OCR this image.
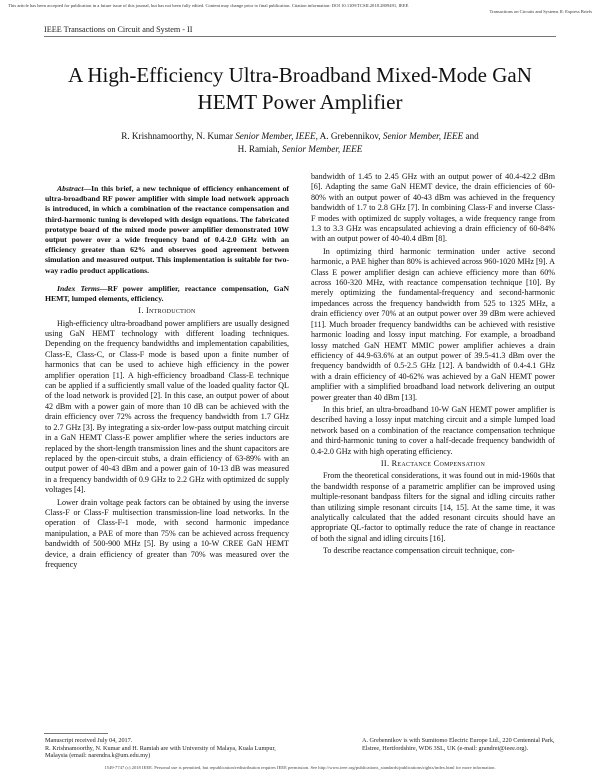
This article has been accepted for publication in a future issue of this journal, but has not been fully edited. Content may change prior to final publication. Citation information: DOI 10.1109/TCSII.2018.2809491, IEEE
Transactions on Circuits and Systems II: Express Briefs
IEEE Transactions on Circuit and System - II
A High-Efficiency Ultra-Broadband Mixed-Mode GaN HEMT Power Amplifier
R. Krishnamoorthy, N. Kumar Senior Member, IEEE, A. Grebennikov, Senior Member, IEEE and
H. Ramiah, Senior Member, IEEE

Abstract—In this brief, a new technique of efficiency enhancement of ultra-broadband RF power amplifier with simple load network approach is introduced, in which a combination of the reactance compensation and third-harmonic tuning is developed with design equations. The fabricated prototype board of the mixed mode power amplifier demonstrated 10W output power over a wide frequency band of 0.4-2.0 GHz with an efficiency greater than 62% and observes good agreement between simulation and measured output. This implementation is suitable for two-way radio product applications.

Index Terms—RF power amplifier, reactance compensation, GaN HEMT, lumped elements, efficiency.

I. Introduction

High-efficiency ultra-broadband power amplifiers are usually designed using GaN HEMT technology with different loading techniques. Depending on the frequency bandwidths and implementation capabilities, Class-E, Class-C, or Class-F mode is based upon a finite number of harmonics that can be used to achieve high efficiency in the power amplifier operation [1]. A high-efficiency broadband Class-E technique can be applied if a sufficiently small value of the loaded quality factor QL of the load network is provided [2]. In this case, an output power of about 42 dBm with a power gain of more than 10 dB can be achieved with the drain efficiency over 72% across the frequency bandwidth from 1.7 GHz to 2.7 GHz [3]. By integrating a six-order low-pass output matching circuit in a GaN HEMT Class-E power amplifier where the series inductors are replaced by the short-length transmission lines and the shunt capacitors are replaced by the open-circuit stubs, a drain efficiency of 63-89% with an output power of 40-43 dBm and a power gain of 10-13 dB was measured in a frequency bandwidth of 0.9 GHz to 2.2 GHz with optimized dc supply voltages [4].

Lower drain voltage peak factors can be obtained by using the inverse Class-F or Class-F multisection transmission-line load networks. In the operation of Class-F-1 mode, with second harmonic impedance manipulation, a PAE of more than 75% can be achieved across frequency bandwidth of 500-900 MHz [5]. By using a 10-W CREE GaN HEMT device, a drain efficiency of greater than 70% was measured over the frequency

bandwidth of 1.45 to 2.45 GHz with an output power of 40.4-42.2 dBm [6]. Adapting the same GaN HEMT device, the drain efficiencies of 60-80% with an output power of 40-43 dBm was achieved in the frequency bandwidth of 1.7 to 2.8 GHz [7]. In combining Class-F and inverse Class-F modes with optimized dc supply voltages, a wide frequency range from 1.3 to 3.3 GHz was encapsulated achieving a drain efficiency of 60-84% with an output power of 40-40.4 dBm [8].

In optimizing third harmonic termination under active second harmonic, a PAE higher than 80% is achieved across 960-1020 MHz [9]. A Class E power amplifier design can achieve efficiency more than 60% across 160-320 MHz, with reactance compensation technique [10]. By merely optimizing the fundamental-frequency and second-harmonic impedances across the frequency bandwidth from 525 to 1325 MHz, a drain efficiency over 70% at an output power over 39 dBm were achieved [11]. Much broader frequency bandwidths can be achieved with resistive harmonic loading and lossy input matching. For example, a broadband lossy matched GaN HEMT MMIC power amplifier achieves a drain efficiency of 44.9-63.6% at an output power of 39.5-41.3 dBm over the frequency bandwidth of 0.5-2.5 GHz [12]. A bandwidth of 0.4-4.1 GHz with a drain efficiency of 40-62% was achieved by a GaN HEMT power amplifier with a simplified broadband load network delivering an output power greater than 40 dBm [13].

In this brief, an ultra-broadband 10-W GaN HEMT power amplifier is described having a lossy input matching circuit and a simple lumped load network based on a combination of the reactance compensation technique and third-harmonic tuning to cover a half-decade frequency bandwidth of 0.4-2.0 GHz with high operating efficiency.

II. Reactance Compensation

From the theoretical considerations, it was found out in mid-1960s that the bandwidth response of a parametric amplifier can be improved using multiple-resonant bandpass filters for the signal and idling circuits rather than utilizing simple resonant circuits [14, 15]. At the same time, it was analytically calculated that the added resonant circuits should have an appropriate QL-factor to optimally reduce the rate of change in reactance of both the signal and idling circuits [16].

To describe reactance compensation circuit technique, con-

Manuscript received July 04, 2017.
R. Krishnamoorthy, N. Kumar and H. Ramiah are with University of Malaya, Kuala Lumpur, Malaysia (email: narendra.k@um.edu.my)
A. Grebennikov is with Sumitomo Electric Europe Ltd., 220 Centennial Park, Elstree, Hertfordshire, WD6 3SL, UK (e-mail: grandrei@ieee.org).
1549-7747 (c) 2018 IEEE. Personal use is permitted, but republication/redistribution requires IEEE permission. See http://www.ieee.org/publications_standards/publications/rights/index.html for more information.
